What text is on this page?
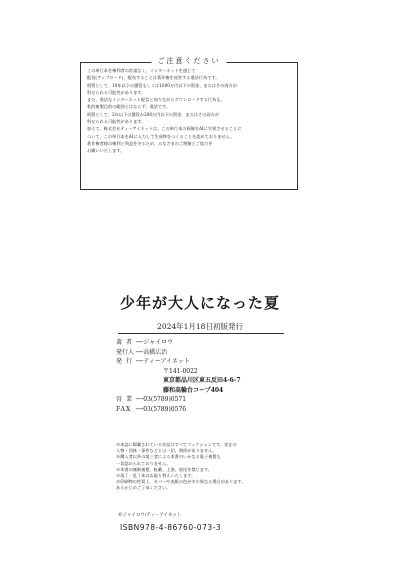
ご注意ください

この単行本を権利者の許諾なく、インターネットを通じて

配信(アップロード)、配布することは著作権を侵害する違法行為です。

刑罰として、10年以下の懲役もしくは1000万円以下の罰金、またはその両方が

科せられる可能性があります。

また、違法なインターネット配信と知りながらダウンロードする行為も、

私的複製目的の範囲とはならず、違法です。

刑罰として、2年以下の懲役か200万円以下の罰金、またはその両方が

科せられる可能性があります。

加えて、株式会社ティーアイネットは、この単行本の画像をAIに学習させることに

ついて、この単行本をAIに入力して生成物をつくることを認めておりません。

著作権者様の権利と利益を守るため、みなさまのご理解とご協力を

お願いいたします。

少年が大人になった夏
2024年1月18日初版発行
著者 ──ジャイロウ
発行人 ──高橋広治
発行 ──ティーアイネット
〒141-0022
東京都品川区東五反田4-6-7
藤和高輪台コープ404
営業 ──03(5789)0571
FAX ──03(5789)0576
※本誌に掲載されている作品はすべてフィクションです。実在の
人物・団体・事件などとは一切、関係がありません。
※購入者以外の第三者による本書のいかなる電子複製も
一切認められておりません。
※本書の無断複製、転載、上演、放送を禁じます。
※落丁・乱丁本はお取り替えいたします。
※印刷物の性質上、カバーや表紙の色が多少異なる場合があります。
あらかじめご了承ください。
©ジャイロウ/ティーアイネット
ISBN978-4-86760-073-3
